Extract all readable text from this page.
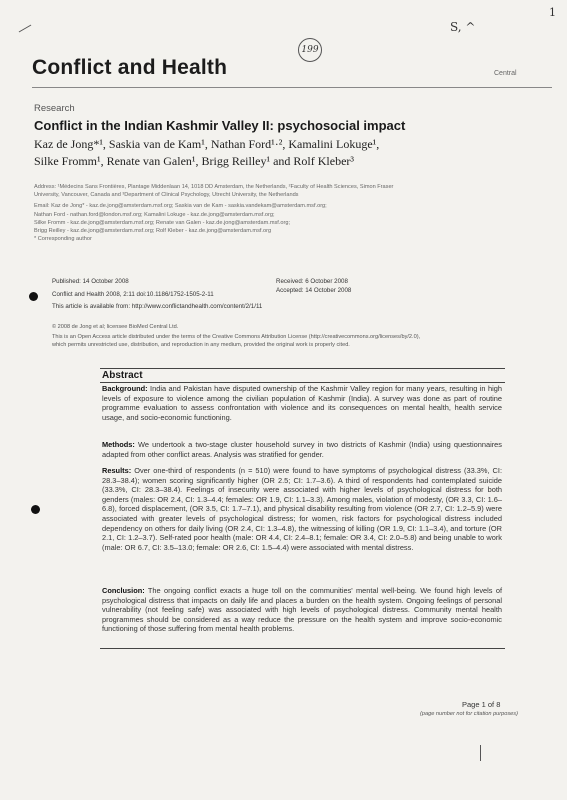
1
S, ^
Conflict and Health
199
Central
Research
Conflict in the Indian Kashmir Valley II: psychosocial impact
Kaz de Jong*¹, Saskia van de Kam¹, Nathan Ford¹·², Kamalini Lokuge¹,
Silke Fromm¹, Renate van Galen¹, Brigg Reilley¹ and Rolf Kleber³
Address: ¹Médecins Sans Frontières, Plantage Middenlaan 14, 1018 DD Amsterdam, the Netherlands, ²Faculty of Health Sciences, Simon Fraser
University, Vancouver, Canada and ³Department of Clinical Psychology, Utrecht University, the Netherlands
Email: Kaz de Jong* - kaz.de.jong@amsterdam.msf.org; Saskia van de Kam - saskia.vandekam@amsterdam.msf.org;
Nathan Ford - nathan.ford@london.msf.org; Kamalini Lokuge - kaz.de.jong@amsterdam.msf.org;
Silke Fromm - kaz.de.jong@amsterdam.msf.org; Renate van Galen - kaz.de.jong@amsterdam.msf.org;
Brigg Reilley - kaz.de.jong@amsterdam.msf.org; Rolf Kleber - kaz.de.jong@amsterdam.msf.org
* Corresponding author
Published: 14 October 2008	Received: 6 October 2008
Accepted: 14 October 2008
Conflict and Health 2008, 2:11 doi:10.1186/1752-1505-2-11
This article is available from: http://www.conflictandhealth.com/content/2/1/11
© 2008 de Jong et al; licensee BioMed Central Ltd.
This is an Open Access article distributed under the terms of the Creative Commons Attribution License (http://creativecommons.org/licenses/by/2.0),
which permits unrestricted use, distribution, and reproduction in any medium, provided the original work is properly cited.
Abstract
Background: India and Pakistan have disputed ownership of the Kashmir Valley region for many years, resulting in high levels of exposure to violence among the civilian population of Kashmir (India). A survey was done as part of routine programme evaluation to assess confrontation with violence and its consequences on mental health, health service usage, and socio-economic functioning.
Methods: We undertook a two-stage cluster household survey in two districts of Kashmir (India) using questionnaires adapted from other conflict areas. Analysis was stratified for gender.
Results: Over one-third of respondents (n = 510) were found to have symptoms of psychological distress (33.3%, CI: 28.3–38.4); women scoring significantly higher (OR 2.5; CI: 1.7–3.6). A third of respondents had contemplated suicide (33.3%, CI: 28.3–38.4). Feelings of insecurity were associated with higher levels of psychological distress for both genders (males: OR 2.4, CI: 1.3–4.4; females: OR 1.9, CI: 1.1–3.3). Among males, violation of modesty, (OR 3.3, CI: 1.6–6.8), forced displacement, (OR 3.5, CI: 1.7–7.1), and physical disability resulting from violence (OR 2.7, CI: 1.2–5.9) were associated with greater levels of psychological distress; for women, risk factors for psychological distress included dependency on others for daily living (OR 2.4, CI: 1.3–4.8), the witnessing of killing (OR 1.9, CI: 1.1–3.4), and torture (OR 2.1, CI: 1.2–3.7). Self-rated poor health (male: OR 4.4, CI: 2.4–8.1; female: OR 3.4, CI: 2.0–5.8) and being unable to work (male: OR 6.7, CI: 3.5–13.0; female: OR 2.6, CI: 1.5–4.4) were associated with mental distress.
Conclusion: The ongoing conflict exacts a huge toll on the communities' mental well-being. We found high levels of psychological distress that impacts on daily life and places a burden on the health system. Ongoing feelings of personal vulnerability (not feeling safe) was associated with high levels of psychological distress. Community mental health programmes should be considered as a way reduce the pressure on the health system and improve socio-economic functioning of those suffering from mental health problems.
Page 1 of 8
(page number not for citation purposes)
